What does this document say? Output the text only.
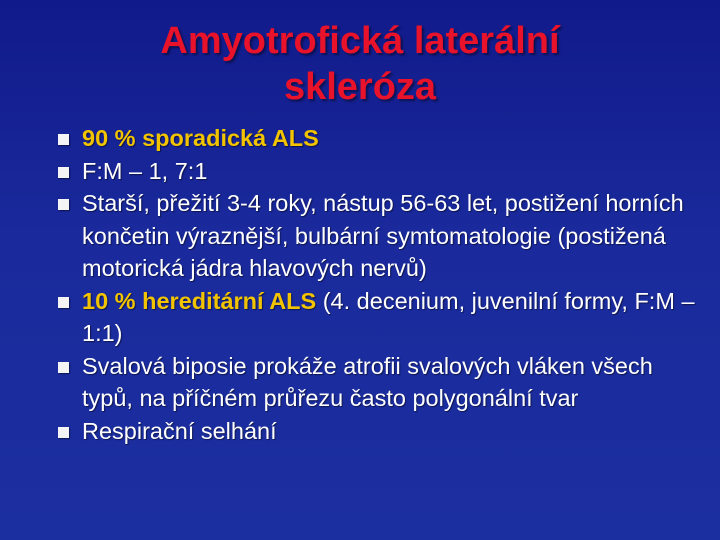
Amyotrofická laterální
skleróza
90 % sporadická ALS
F:M – 1, 7:1
Starší, přežití 3-4 roky, nástup 56-63 let, postižení horních končetin výraznější, bulbární symtomatologie (postižená motorická jádra hlavových nervů)
10 % hereditární ALS (4. decenium, juvenilní formy, F:M – 1:1)
Svalová biposie prokáže atrofii svalových vláken všech typů, na příčném průřezu často polygonální tvar
Respirační selhání
